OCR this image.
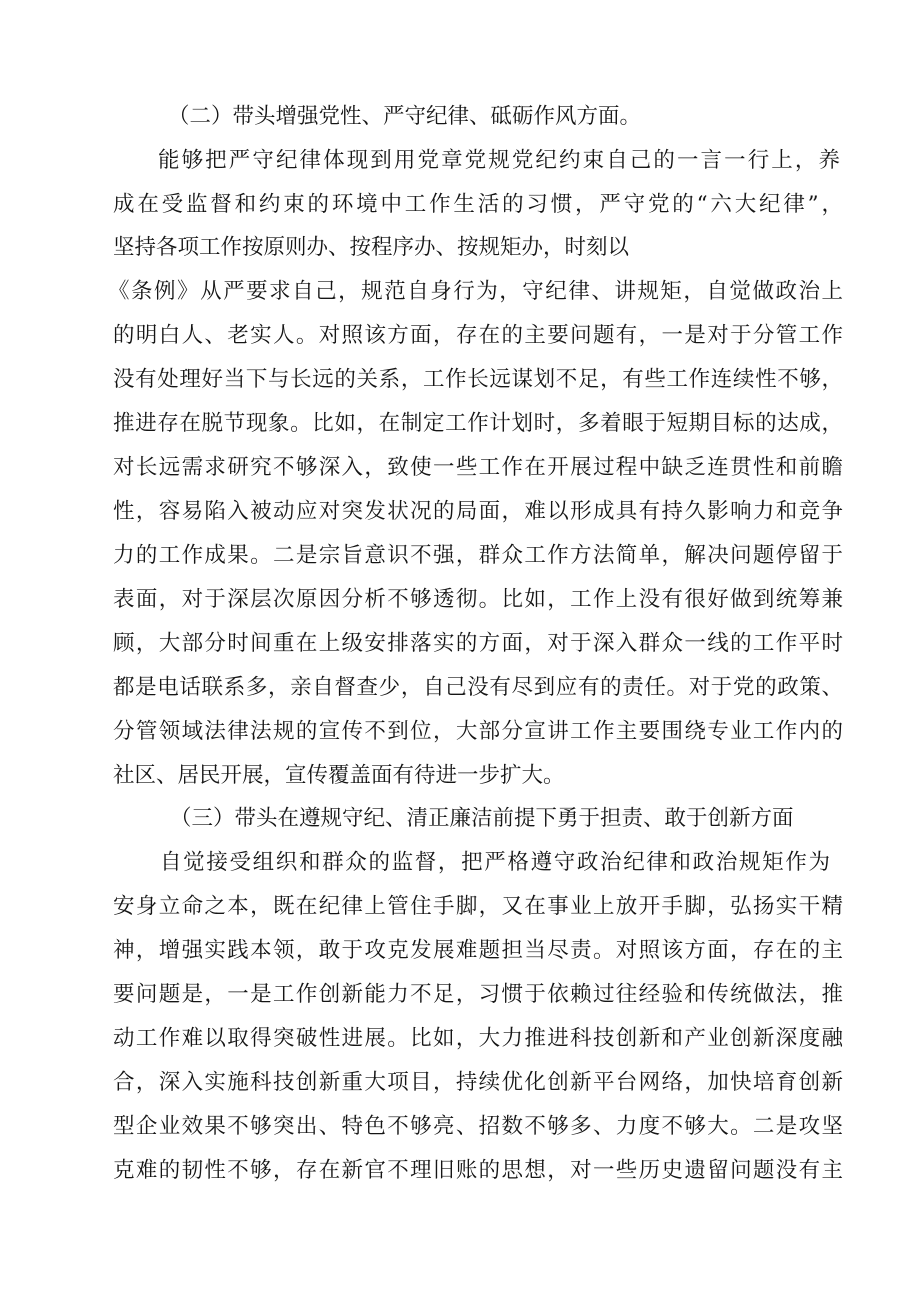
（二）带头增强党性、严守纪律、砥砺作风方面。

能够把严守纪律体现到用党章党规党纪约束自己的一言一行上，养

成在受监督和约束的环境中工作生活的习惯，严守党的“六大纪律”，

坚持各项工作按原则办、按程序办、按规矩办，时刻以

《条例》从严要求自己，规范自身行为，守纪律、讲规矩，自觉做政治上

的明白人、老实人。对照该方面，存在的主要问题有，一是对于分管工作

没有处理好当下与长远的关系，工作长远谋划不足，有些工作连续性不够，

推进存在脱节现象。比如，在制定工作计划时，多着眼于短期目标的达成，

对长远需求研究不够深入，致使一些工作在开展过程中缺乏连贯性和前瞻

性，容易陷入被动应对突发状况的局面，难以形成具有持久影响力和竞争

力的工作成果。二是宗旨意识不强，群众工作方法简单，解决问题停留于

表面，对于深层次原因分析不够透彻。比如，工作上没有很好做到统筹兼

顾，大部分时间重在上级安排落实的方面，对于深入群众一线的工作平时

都是电话联系多，亲自督查少，自己没有尽到应有的责任。对于党的政策、

分管领域法律法规的宣传不到位，大部分宣讲工作主要围绕专业工作内的

社区、居民开展，宣传覆盖面有待进一步扩大。

（三）带头在遵规守纪、清正廉洁前提下勇于担责、敢于创新方面

自觉接受组织和群众的监督，把严格遵守政治纪律和政治规矩作为

安身立命之本，既在纪律上管住手脚，又在事业上放开手脚，弘扬实干精

神，增强实践本领，敢于攻克发展难题担当尽责。对照该方面，存在的主

要问题是，一是工作创新能力不足，习惯于依赖过往经验和传统做法，推

动工作难以取得突破性进展。比如，大力推进科技创新和产业创新深度融

合，深入实施科技创新重大项目，持续优化创新平台网络，加快培育创新

型企业效果不够突出、特色不够亮、招数不够多、力度不够大。二是攻坚

克难的韧性不够，存在新官不理旧账的思想，对一些历史遗留问题没有主
